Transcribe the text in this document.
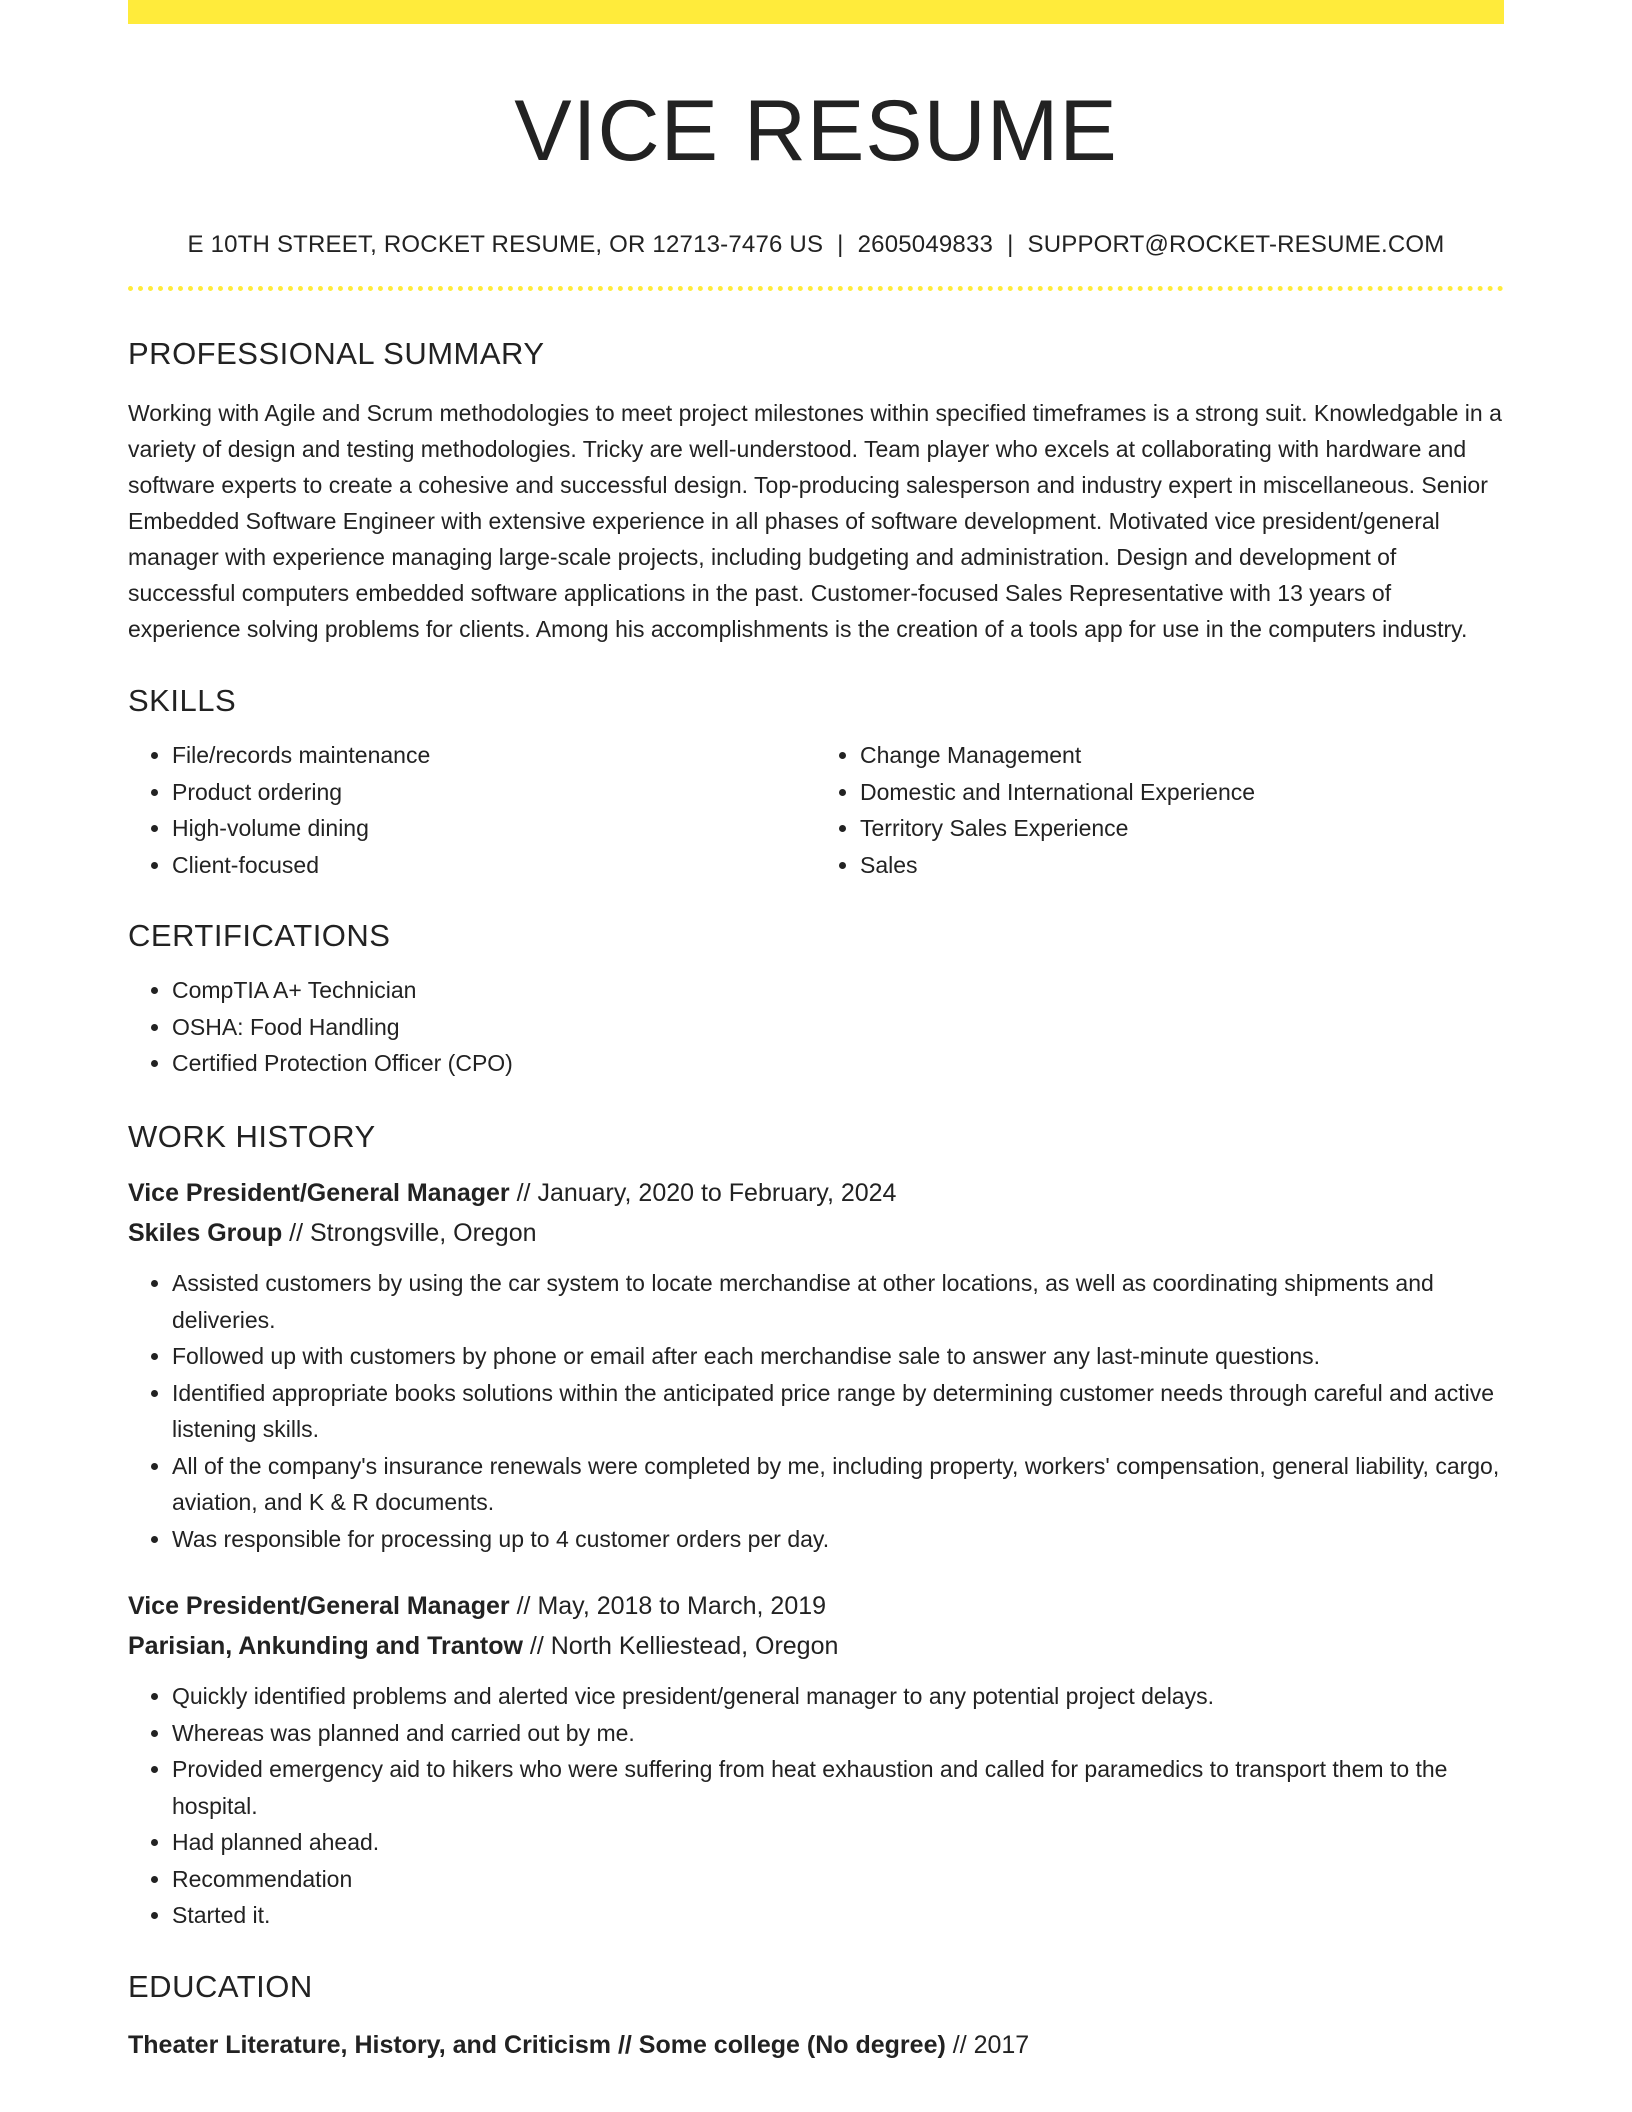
VICE RESUME
E 10TH STREET, ROCKET RESUME, OR 12713-7476 US | 2605049833 | SUPPORT@ROCKET-RESUME.COM
PROFESSIONAL SUMMARY
Working with Agile and Scrum methodologies to meet project milestones within specified timeframes is a strong suit. Knowledgable in a variety of design and testing methodologies. Tricky are well-understood. Team player who excels at collaborating with hardware and software experts to create a cohesive and successful design. Top-producing salesperson and industry expert in miscellaneous. Senior Embedded Software Engineer with extensive experience in all phases of software development. Motivated vice president/general manager with experience managing large-scale projects, including budgeting and administration. Design and development of successful computers embedded software applications in the past. Customer-focused Sales Representative with 13 years of experience solving problems for clients. Among his accomplishments is the creation of a tools app for use in the computers industry.
SKILLS
• File/records maintenance
• Product ordering
• High-volume dining
• Client-focused
• Change Management
• Domestic and International Experience
• Territory Sales Experience
• Sales
CERTIFICATIONS
• CompTIA A+ Technician
• OSHA: Food Handling
• Certified Protection Officer (CPO)
WORK HISTORY
Vice President/General Manager // January, 2020 to February, 2024
Skiles Group // Strongsville, Oregon
• Assisted customers by using the car system to locate merchandise at other locations, as well as coordinating shipments and deliveries.
• Followed up with customers by phone or email after each merchandise sale to answer any last-minute questions.
• Identified appropriate books solutions within the anticipated price range by determining customer needs through careful and active listening skills.
• All of the company's insurance renewals were completed by me, including property, workers' compensation, general liability, cargo, aviation, and K & R documents.
• Was responsible for processing up to 4 customer orders per day.
Vice President/General Manager // May, 2018 to March, 2019
Parisian, Ankunding and Trantow // North Kelliestead, Oregon
• Quickly identified problems and alerted vice president/general manager to any potential project delays.
• Whereas was planned and carried out by me.
• Provided emergency aid to hikers who were suffering from heat exhaustion and called for paramedics to transport them to the hospital.
• Had planned ahead.
• Recommendation
• Started it.
EDUCATION
Theater Literature, History, and Criticism // Some college (No degree) // 2017
